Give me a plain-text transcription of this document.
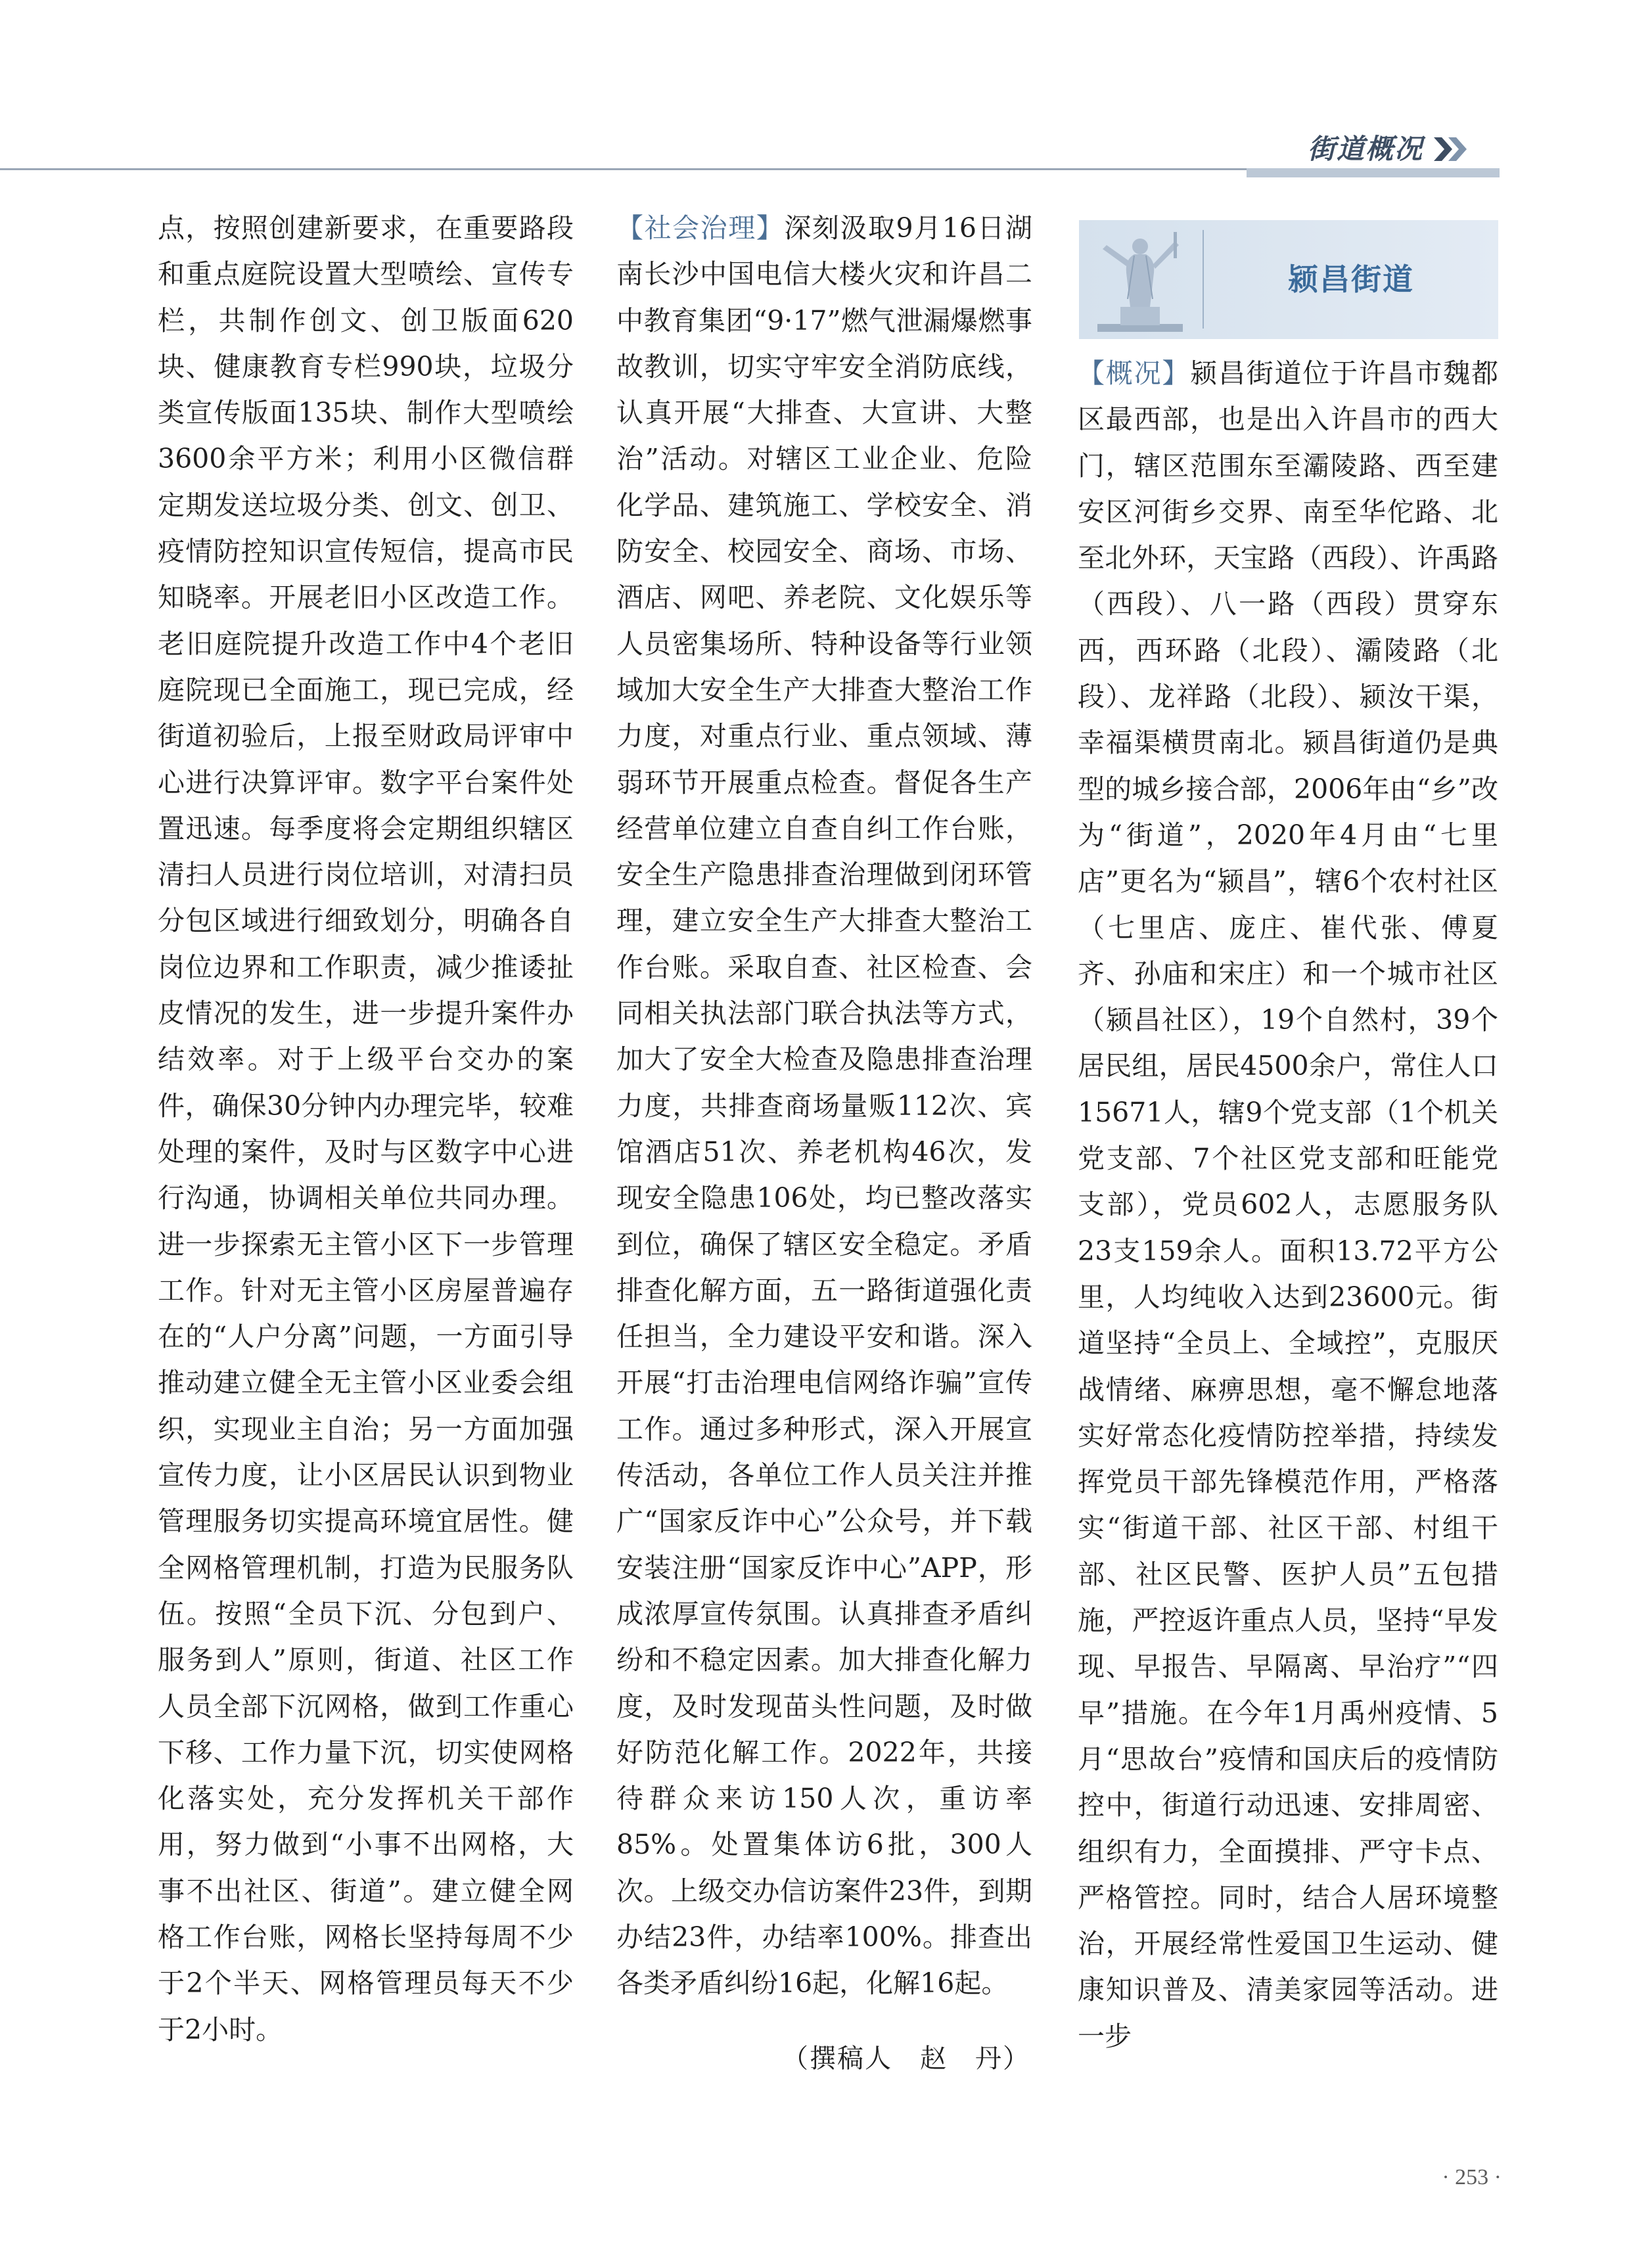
街道概况
点，按照创建新要求，在重要路段和重点庭院设置大型喷绘、宣传专栏，共制作创文、创卫版面620块、健康教育专栏990块，垃圾分类宣传版面135块、制作大型喷绘3600余平方米；利用小区微信群定期发送垃圾分类、创文、创卫、疫情防控知识宣传短信，提高市民知晓率。开展老旧小区改造工作。老旧庭院提升改造工作中4个老旧庭院现已全面施工，现已完成，经街道初验后，上报至财政局评审中心进行决算评审。数字平台案件处置迅速。每季度将会定期组织辖区清扫人员进行岗位培训，对清扫员分包区域进行细致划分，明确各自岗位边界和工作职责，减少推诿扯皮情况的发生，进一步提升案件办结效率。对于上级平台交办的案件，确保30分钟内办理完毕，较难处理的案件，及时与区数字中心进行沟通，协调相关单位共同办理。进一步探索无主管小区下一步管理工作。针对无主管小区房屋普遍存在的“人户分离”问题，一方面引导推动建立健全无主管小区业委会组织，实现业主自治；另一方面加强宣传力度，让小区居民认识到物业管理服务切实提高环境宜居性。健全网格管理机制，打造为民服务队伍。按照“全员下沉、分包到户、服务到人”原则，街道、社区工作人员全部下沉网格，做到工作重心下移、工作力量下沉，切实使网格化落实处，充分发挥机关干部作用，努力做到“小事不出网格，大事不出社区、街道”。建立健全网格工作台账，网格长坚持每周不少于2个半天、网格管理员每天不少于2小时。
【社会治理】深刻汲取9月16日湖南长沙中国电信大楼火灾和许昌二中教育集团“9·17”燃气泄漏爆燃事故教训，切实守牢安全消防底线，认真开展“大排查、大宣讲、大整治”活动。对辖区工业企业、危险化学品、建筑施工、学校安全、消防安全、校园安全、商场、市场、酒店、网吧、养老院、文化娱乐等人员密集场所、特种设备等行业领域加大安全生产大排查大整治工作力度，对重点行业、重点领域、薄弱环节开展重点检查。督促各生产经营单位建立自查自纠工作台账，安全生产隐患排查治理做到闭环管理，建立安全生产大排查大整治工作台账。采取自查、社区检查、会同相关执法部门联合执法等方式，加大了安全大检查及隐患排查治理力度，共排查商场量贩112次、宾馆酒店51次、养老机构46次，发现安全隐患106处，均已整改落实到位，确保了辖区安全稳定。矛盾排查化解方面，五一路街道强化责任担当，全力建设平安和谐。深入开展“打击治理电信网络诈骗”宣传工作。通过多种形式，深入开展宣传活动，各单位工作人员关注并推广“国家反诈中心”公众号，并下载安装注册“国家反诈中心”APP，形成浓厚宣传氛围。认真排查矛盾纠纷和不稳定因素。加大排查化解力度，及时发现苗头性问题，及时做好防范化解工作。2022年，共接待群众来访150人次，重访率85%。处置集体访6批，300人次。上级交办信访案件23件，到期办结23件，办结率100%。排查出各类矛盾纠纷16起，化解16起。
（撰稿人　赵　丹）
颍昌街道
【概况】颍昌街道位于许昌市魏都区最西部，也是出入许昌市的西大门，辖区范围东至灞陵路、西至建安区河街乡交界、南至华佗路、北至北外环，天宝路（西段）、许禹路（西段）、八一路（西段）贯穿东西，西环路（北段）、灞陵路（北段）、龙祥路（北段）、颍汝干渠，幸福渠横贯南北。颍昌街道仍是典型的城乡接合部，2006年由“乡”改为“街道”，2020年4月由“七里店”更名为“颍昌”，辖6个农村社区（七里店、庞庄、崔代张、傅夏齐、孙庙和宋庄）和一个城市社区（颍昌社区），19个自然村，39个居民组，居民4500余户，常住人口15671人，辖9个党支部（1个机关党支部、7个社区党支部和旺能党支部），党员602人，志愿服务队23支159余人。面积13.72平方公里，人均纯收入达到23600元。街道坚持“全员上、全域控”，克服厌战情绪、麻痹思想，毫不懈怠地落实好常态化疫情防控举措，持续发挥党员干部先锋模范作用，严格落实“街道干部、社区干部、村组干部、社区民警、医护人员”五包措施，严控返许重点人员，坚持“早发现、早报告、早隔离、早治疗”“四早”措施。在今年1月禹州疫情、5月“思故台”疫情和国庆后的疫情防控中，街道行动迅速、安排周密、组织有力，全面摸排、严守卡点、严格管控。同时，结合人居环境整治，开展经常性爱国卫生运动、健康知识普及、清美家园等活动。进一步
· 253 ·
